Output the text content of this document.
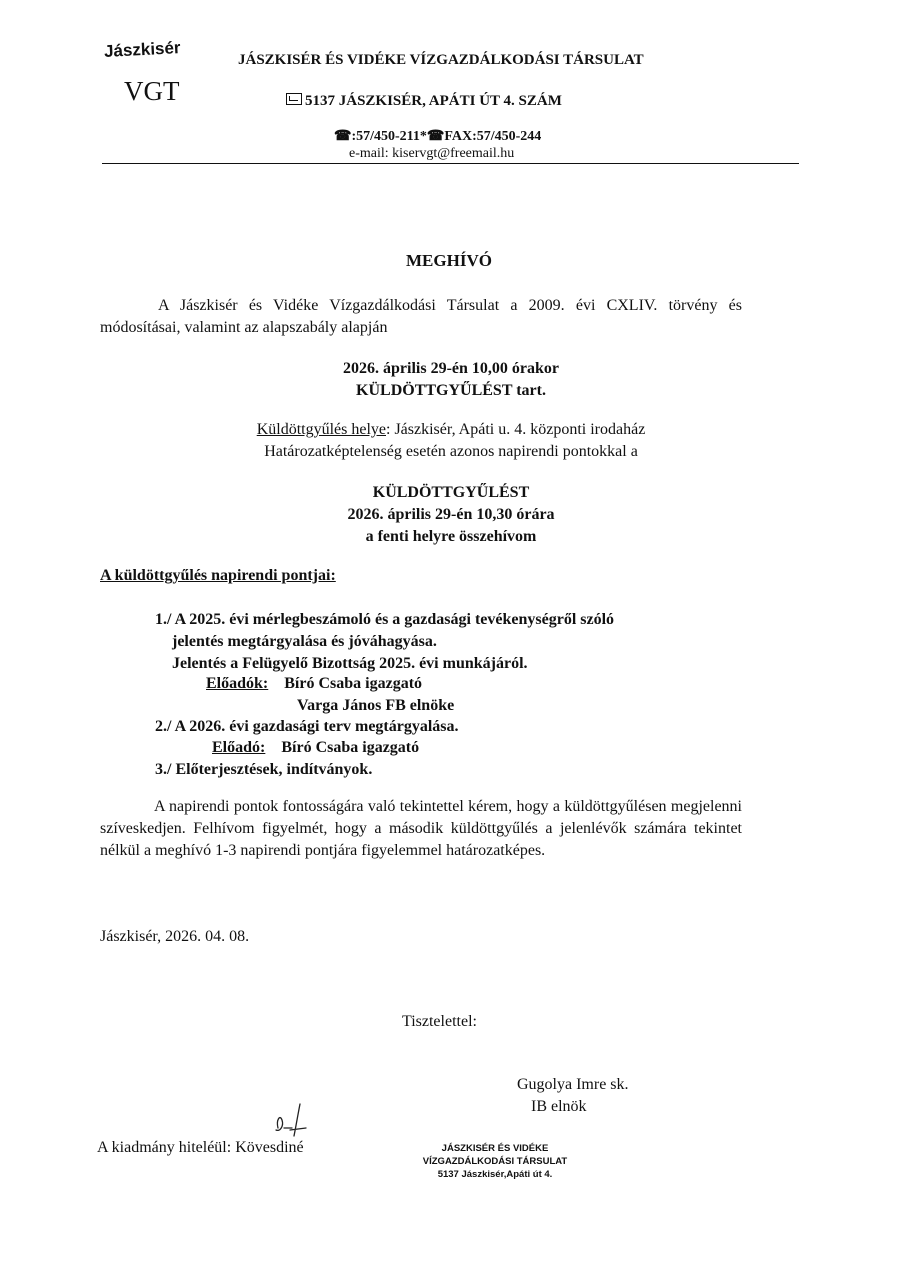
Jászkisér
VGT
JÁSZKISÉR ÉS VIDÉKE VÍZGAZDÁLKODÁSI TÁRSULAT
5137 JÁSZKISÉR, APÁTI ÚT 4. SZÁM
☎:57/450-211*☎FAX:57/450-244
e-mail: kiservgt@freemail.hu
MEGHÍVÓ
A Jászkisér és Vidéke Vízgazdálkodási Társulat a 2009. évi CXLIV. törvény és módosításai, valamint az alapszabály alapján
2026. április 29-én 10,00 órakor
KÜLDÖTTGYŰLÉST tart.
Küldöttgyűlés helye: Jászkisér, Apáti u. 4. központi irodaház
Határozatképtelenség esetén azonos napirendi pontokkal a
KÜLDÖTTGYŰLÉST
2026. április 29-én 10,30 órára
a fenti helyre összehívom
A küldöttgyűlés napirendi pontjai:
1./ A 2025. évi mérlegbeszámoló és a gazdasági tevékenységről szóló
jelentés megtárgyalása és jóváhagyása.
Jelentés a Felügyelő Bizottság 2025. évi munkájáról.
Előadók: Bíró Csaba igazgató
Varga János FB elnöke
2./ A 2026. évi gazdasági terv megtárgyalása.
Előadó: Bíró Csaba igazgató
3./ Előterjesztések, indítványok.
A napirendi pontok fontosságára való tekintettel kérem, hogy a küldöttgyűlésen megjelenni szíveskedjen. Felhívom figyelmét, hogy a második küldöttgyűlés a jelenlévők számára tekintet nélkül a meghívó 1-3 napirendi pontjára figyelemmel határozatképes.
Jászkisér, 2026. 04. 08.
Tisztelettel:
Gugolya Imre sk.
IB elnök
A kiadmány hiteléül: Kövesdiné	JÁSZKISÉR ÉS VIDÉKE
VÍZGAZDÁLKODÁSI TÁRSULAT
5137 Jászkisér,Apáti út 4.
